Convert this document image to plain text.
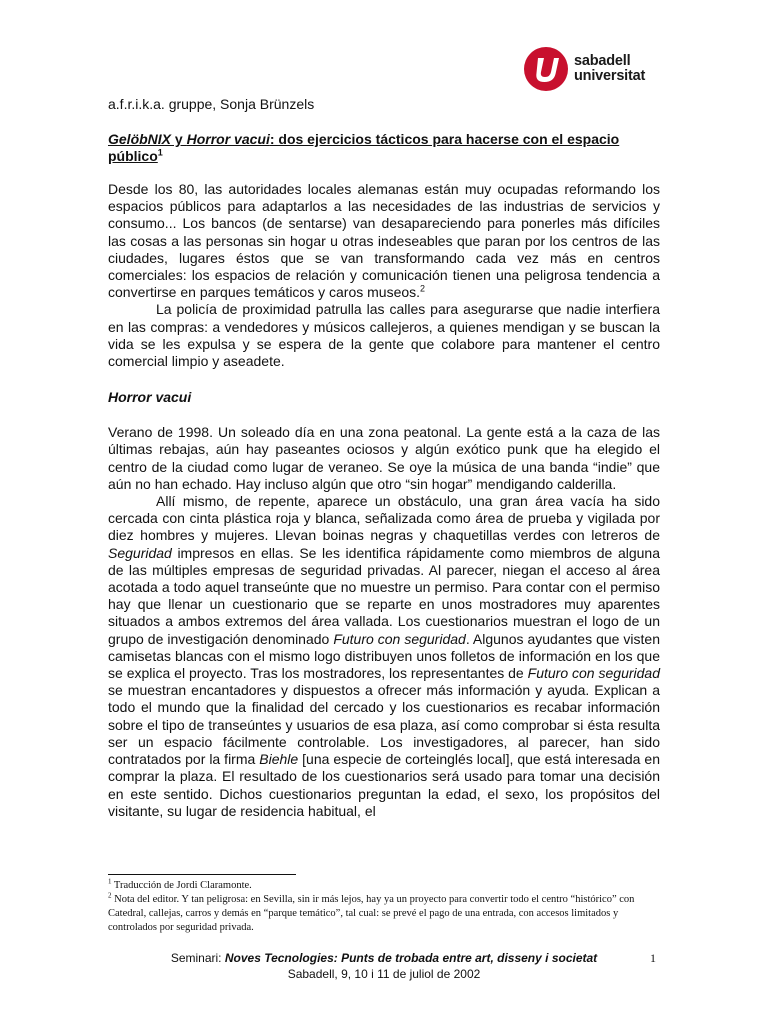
sabadell
universitat
a.f.r.i.k.a. gruppe, Sonja Brünzels
GelöbNIX y Horror vacui: dos ejercicios tácticos para hacerse con el espacio público$^1$

Desde los 80, las autoridades locales alemanas están muy ocupadas reformando los espacios públicos para adaptarlos a las necesidades de las industrias de servicios y consumo... Los bancos (de sentarse) van desapareciendo para ponerles más difíciles las cosas a las personas sin hogar u otras indeseables que paran por los centros de las ciudades, lugares éstos que se van transformando cada vez más en centros comerciales: los espacios de relación y comunicación tienen una peligrosa tendencia a convertirse en parques temáticos y caros museos.$^2$

La policía de proximidad patrulla las calles para asegurarse que nadie interfiera en las compras: a vendedores y músicos callejeros, a quienes mendigan y se buscan la vida se les expulsa y se espera de la gente que colabore para mantener el centro comercial limpio y aseadete.

Horror vacui

Verano de 1998. Un soleado día en una zona peatonal. La gente está a la caza de las últimas rebajas, aún hay paseantes ociosos y algún exótico punk que ha elegido el centro de la ciudad como lugar de veraneo. Se oye la música de una banda “indie” que aún no han echado. Hay incluso algún que otro “sin hogar” mendigando calderilla.

Allí mismo, de repente, aparece un obstáculo, una gran área vacía ha sido cercada con cinta plástica roja y blanca, señalizada como área de prueba y vigilada por diez hombres y mujeres. Llevan boinas negras y chaquetillas verdes con letreros de Seguridad impresos en ellas. Se les identifica rápidamente como miembros de alguna de las múltiples empresas de seguridad privadas. Al parecer, niegan el acceso al área acotada a todo aquel transeúnte que no muestre un permiso. Para contar con el permiso hay que llenar un cuestionario que se reparte en unos mostradores muy aparentes situados a ambos extremos del área vallada. Los cuestionarios muestran el logo de un grupo de investigación denominado Futuro con seguridad. Algunos ayudantes que visten camisetas blancas con el mismo logo distribuyen unos folletos de información en los que se explica el proyecto. Tras los mostradores, los representantes de Futuro con seguridad se muestran encantadores y dispuestos a ofrecer más información y ayuda. Explican a todo el mundo que la finalidad del cercado y los cuestionarios es recabar información sobre el tipo de transeúntes y usuarios de esa plaza, así como comprobar si ésta resulta ser un espacio fácilmente controlable. Los investigadores, al parecer, han sido contratados por la firma Biehle [una especie de corteinglés local], que está interesada en comprar la plaza. El resultado de los cuestionarios será usado para tomar una decisión en este sentido. Dichos cuestionarios preguntan la edad, el sexo, los propósitos del visitante, su lugar de residencia habitual, el

$^1$ Traducción de Jordi Claramonte.
$^2$ Nota del editor. Y tan peligrosa: en Sevilla, sin ir más lejos, hay ya un proyecto para convertir todo el centro “histórico” con Catedral, callejas, carros y demás en “parque temático”, tal cual: se prevé el pago de una entrada, con accesos limitados y controlados por seguridad privada.
Seminari: Noves Tecnologies: Punts de trobada entre art, disseny i societat
Sabadell, 9, 10 i 11 de juliol de 2002
1
